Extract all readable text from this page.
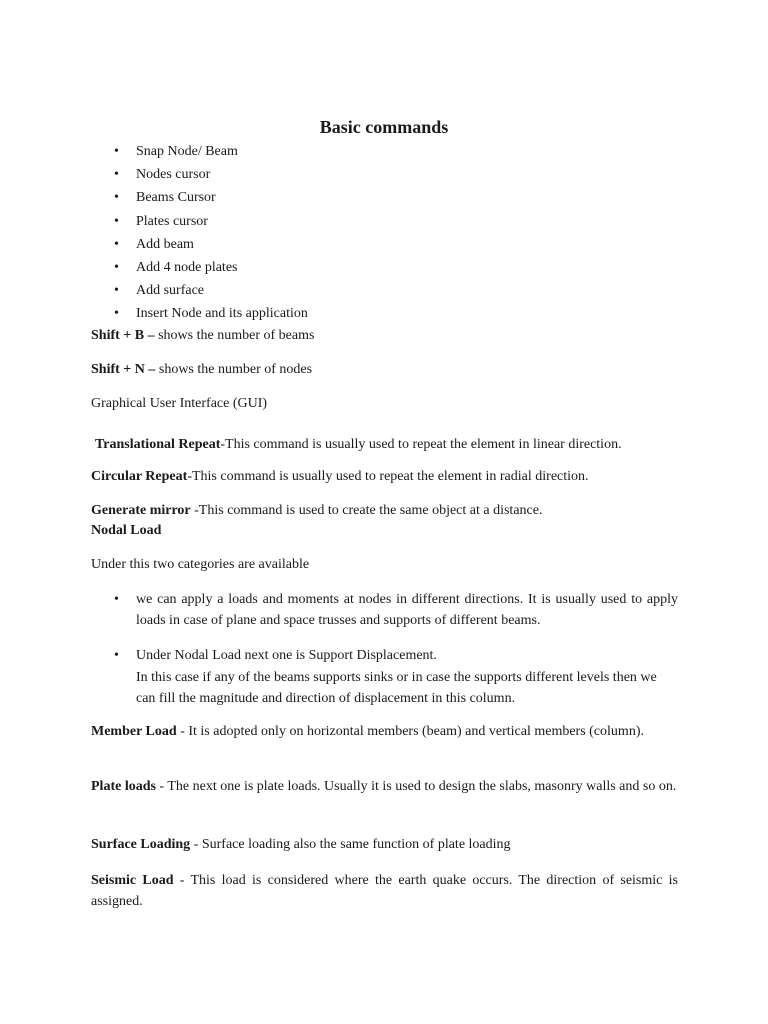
Basic commands
• Snap Node/ Beam
• Nodes cursor
• Beams Cursor
• Plates cursor
• Add beam
• Add 4 node plates
• Add surface
• Insert Node and its application
Shift + B – shows the number of beams
Shift + N – shows the number of nodes
Graphical User Interface (GUI)
Translational Repeat-This command is usually used to repeat the element in linear direction.
Circular Repeat-This command is usually used to repeat the element in radial direction.
Generate mirror -This command is used to create the same object at a distance.
Nodal Load
Under this two categories are available
• we can apply a loads and moments at nodes in different directions. It is usually used to apply loads in case of plane and space trusses and supports of different beams.
• Under Nodal Load next one is Support Displacement.
In this case if any of the beams supports sinks or in case the supports different levels then we can fill the magnitude and direction of displacement in this column.
Member Load - It is adopted only on horizontal members (beam) and vertical members (column).
Plate loads - The next one is plate loads. Usually it is used to design the slabs, masonry walls and so on.
Surface Loading - Surface loading also the same function of plate loading
Seismic Load - This load is considered where the earth quake occurs. The direction of seismic is assigned.
